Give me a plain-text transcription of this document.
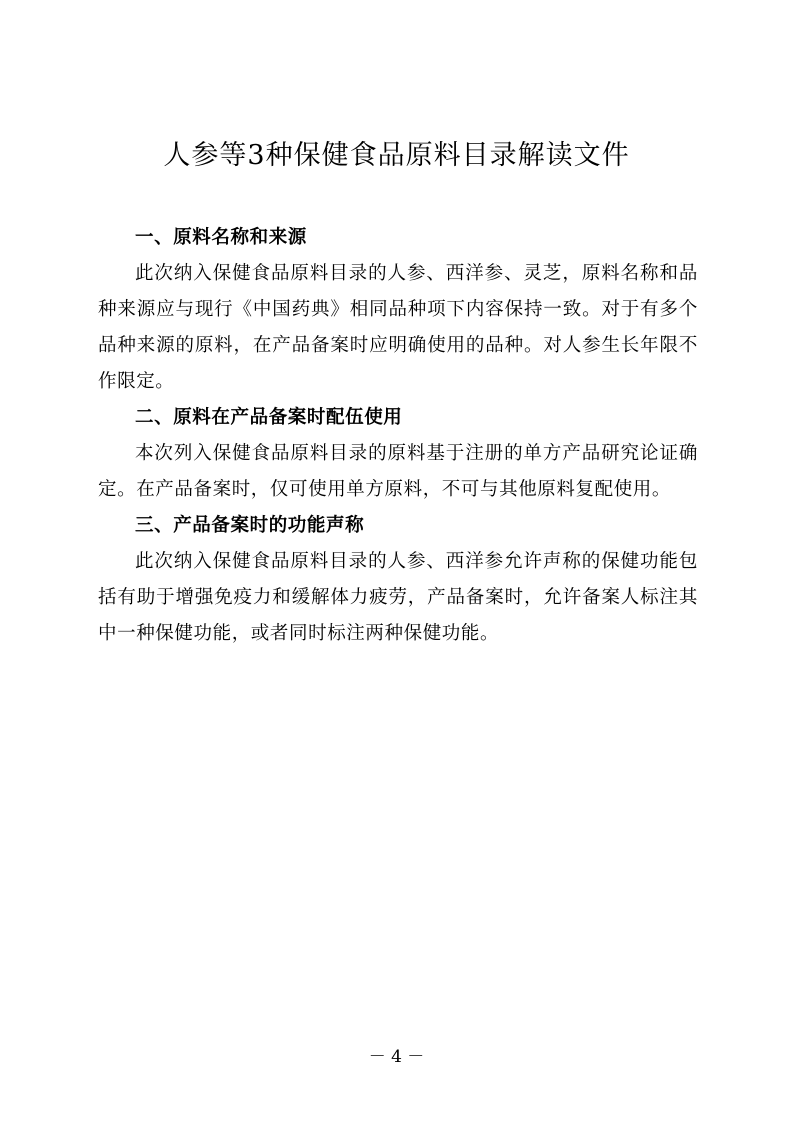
人参等3种保健食品原料目录解读文件

一、原料名称和来源

此次纳入保健食品原料目录的人参、西洋参、灵芝，原料名称和品种来源应与现行《中国药典》相同品种项下内容保持一致。对于有多个品种来源的原料，在产品备案时应明确使用的品种。对人参生长年限不作限定。

二、原料在产品备案时配伍使用

本次列入保健食品原料目录的原料基于注册的单方产品研究论证确定。在产品备案时，仅可使用单方原料，不可与其他原料复配使用。

三、产品备案时的功能声称

此次纳入保健食品原料目录的人参、西洋参允许声称的保健功能包括有助于增强免疫力和缓解体力疲劳，产品备案时，允许备案人标注其中一种保健功能，或者同时标注两种保健功能。

－ 4 －
